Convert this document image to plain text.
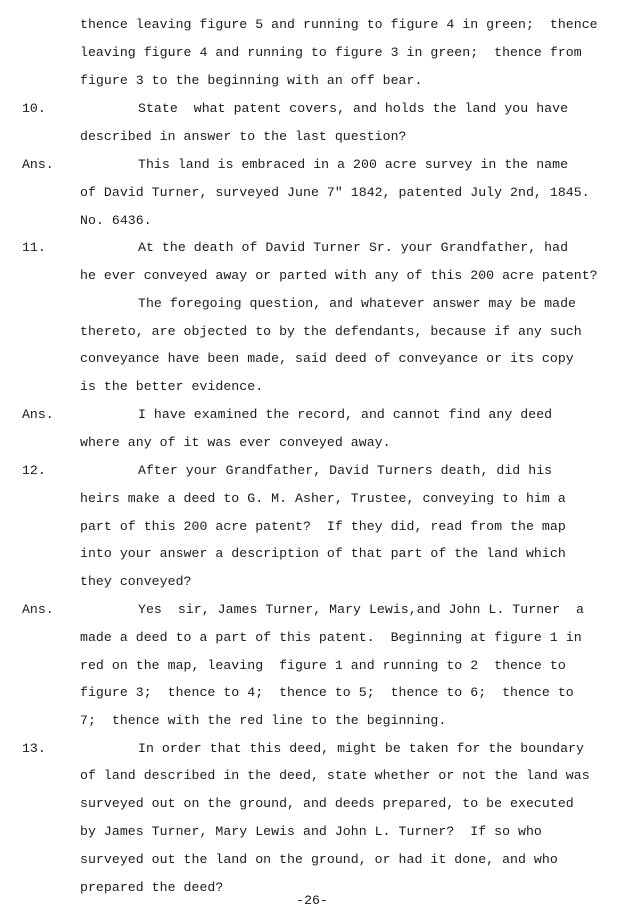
thence leaving figure 5 and running to figure 4 in green;  thence
leaving figure 4 and running to figure 3 in green;  thence from
figure 3 to the beginning with an off bear.
10.	State  what patent covers, and holds the land you have
described in answer to the last question?
Ans.	This land is embraced in a 200 acre survey in the name
of David Turner, surveyed June 7" 1842, patented July 2nd, 1845.
No. 6436.
11.	At the death of David Turner Sr. your Grandfather, had
he ever conveyed away or parted with any of this 200 acre patent?
The foregoing question, and whatever answer may be made
thereto, are objected to by the defendants, because if any such
conveyance have been made, said deed of conveyance or its copy
is the better evidence.
Ans.	I have examined the record, and cannot find any deed
where any of it was ever conveyed away.
12.	After your Grandfather, David Turners death, did his
heirs make a deed to G. M. Asher, Trustee, conveying to him a
part of this 200 acre patent?  If they did, read from the map
into your answer a description of that part of the land which
they conveyed?
Ans.	Yes  sir, James Turner, Mary Lewis,and John L. Turner  a
made a deed to a part of this patent.  Beginning at figure 1 in
red on the map, leaving  figure 1 and running to 2  thence to
figure 3;  thence to 4;  thence to 5;  thence to 6;  thence to
7;  thence with the red line to the beginning.
13.	In order that this deed, might be taken for the boundary
of land described in the deed, state whether or not the land was
surveyed out on the ground, and deeds prepared, to be executed
by James Turner, Mary Lewis and John L. Turner?  If so who
surveyed out the land on the ground, or had it done, and who
prepared the deed?
-26-
